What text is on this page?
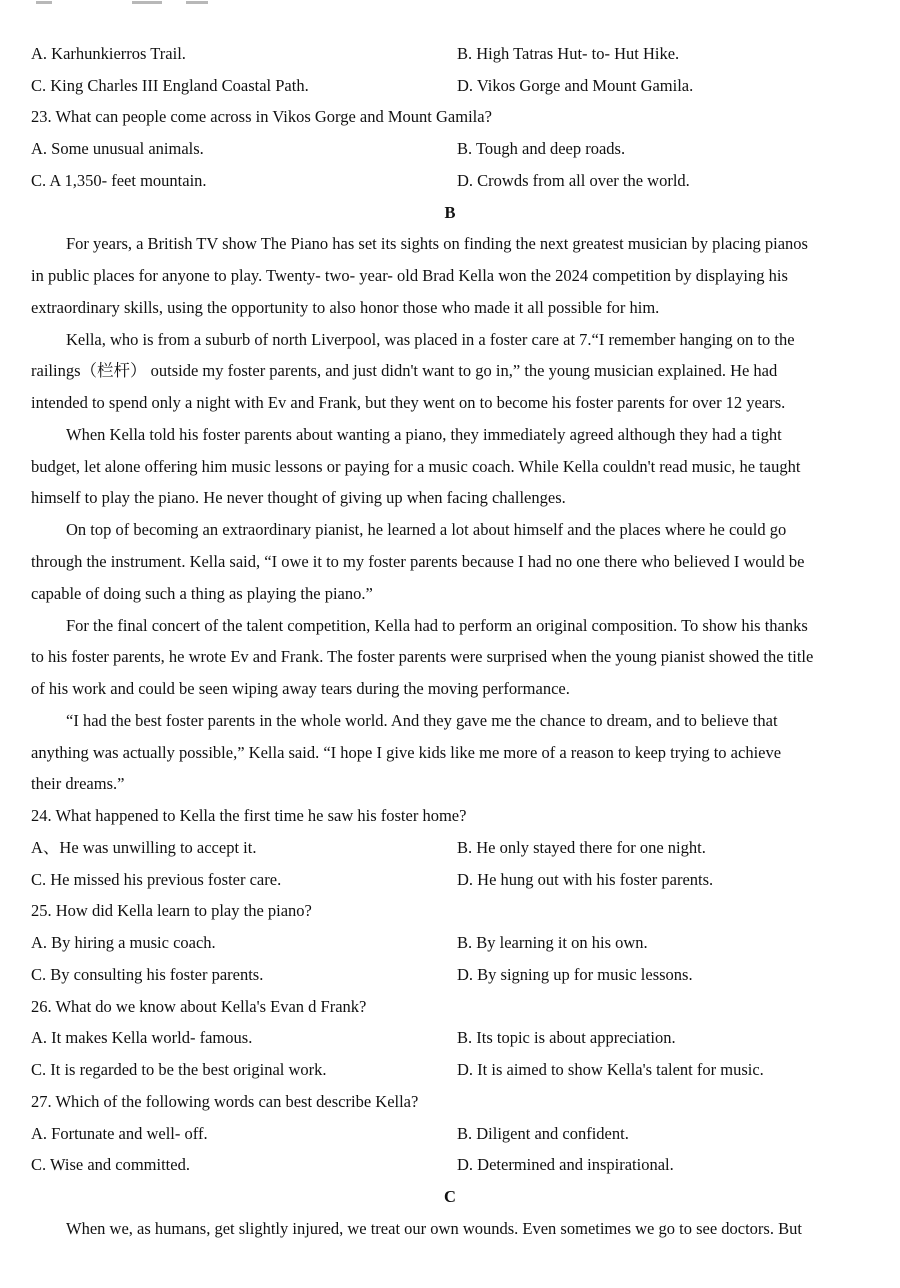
A. Karhunkierros Trail.	B. High Tatras Hut- to- Hut Hike.
C. King Charles III England Coastal Path.	D. Vikos Gorge and Mount Gamila.
23. What can people come across in Vikos Gorge and Mount Gamila?
A. Some unusual animals.	B. Tough and deep roads.
C. A 1,350- feet mountain.	D. Crowds from all over the world.
B
For years, a British TV show The Piano has set its sights on finding the next greatest musician by placing pianos
in public places for anyone to play. Twenty- two- year- old Brad Kella won the 2024 competition by displaying his
extraordinary skills, using the opportunity to also honor those who made it all possible for him.
Kella, who is from a suburb of north Liverpool, was placed in a foster care at 7.“I remember hanging on to the
railings（栏杆） outside my foster parents, and just didn't want to go in,” the young musician explained. He had
intended to spend only a night with Ev and Frank, but they went on to become his foster parents for over 12 years.
When Kella told his foster parents about wanting a piano, they immediately agreed although they had a tight
budget, let alone offering him music lessons or paying for a music coach. While Kella couldn't read music, he taught
himself to play the piano. He never thought of giving up when facing challenges.
On top of becoming an extraordinary pianist, he learned a lot about himself and the places where he could go
through the instrument. Kella said, “I owe it to my foster parents because I had no one there who believed I would be
capable of doing such a thing as playing the piano.”
For the final concert of the talent competition, Kella had to perform an original composition. To show his thanks
to his foster parents, he wrote Ev and Frank. The foster parents were surprised when the young pianist showed the title
of his work and could be seen wiping away tears during the moving performance.
“I had the best foster parents in the whole world. And they gave me the chance to dream, and to believe that
anything was actually possible,” Kella said. “I hope I give kids like me more of a reason to keep trying to achieve
their dreams.”
24. What happened to Kella the first time he saw his foster home?
A、He was unwilling to accept it.	B. He only stayed there for one night.
C. He missed his previous foster care.	D. He hung out with his foster parents.
25. How did Kella learn to play the piano?
A. By hiring a music coach.	B. By learning it on his own.
C. By consulting his foster parents.	D. By signing up for music lessons.
26. What do we know about Kella's Evan d Frank?
A. It makes Kella world- famous.	B. Its topic is about appreciation.
C. It is regarded to be the best original work.	D. It is aimed to show Kella's talent for music.
27. Which of the following words can best describe Kella?
A. Fortunate and well- off.	B. Diligent and confident.
C. Wise and committed.	D. Determined and inspirational.
C
When we, as humans, get slightly injured, we treat our own wounds. Even sometimes we go to see doctors. But
